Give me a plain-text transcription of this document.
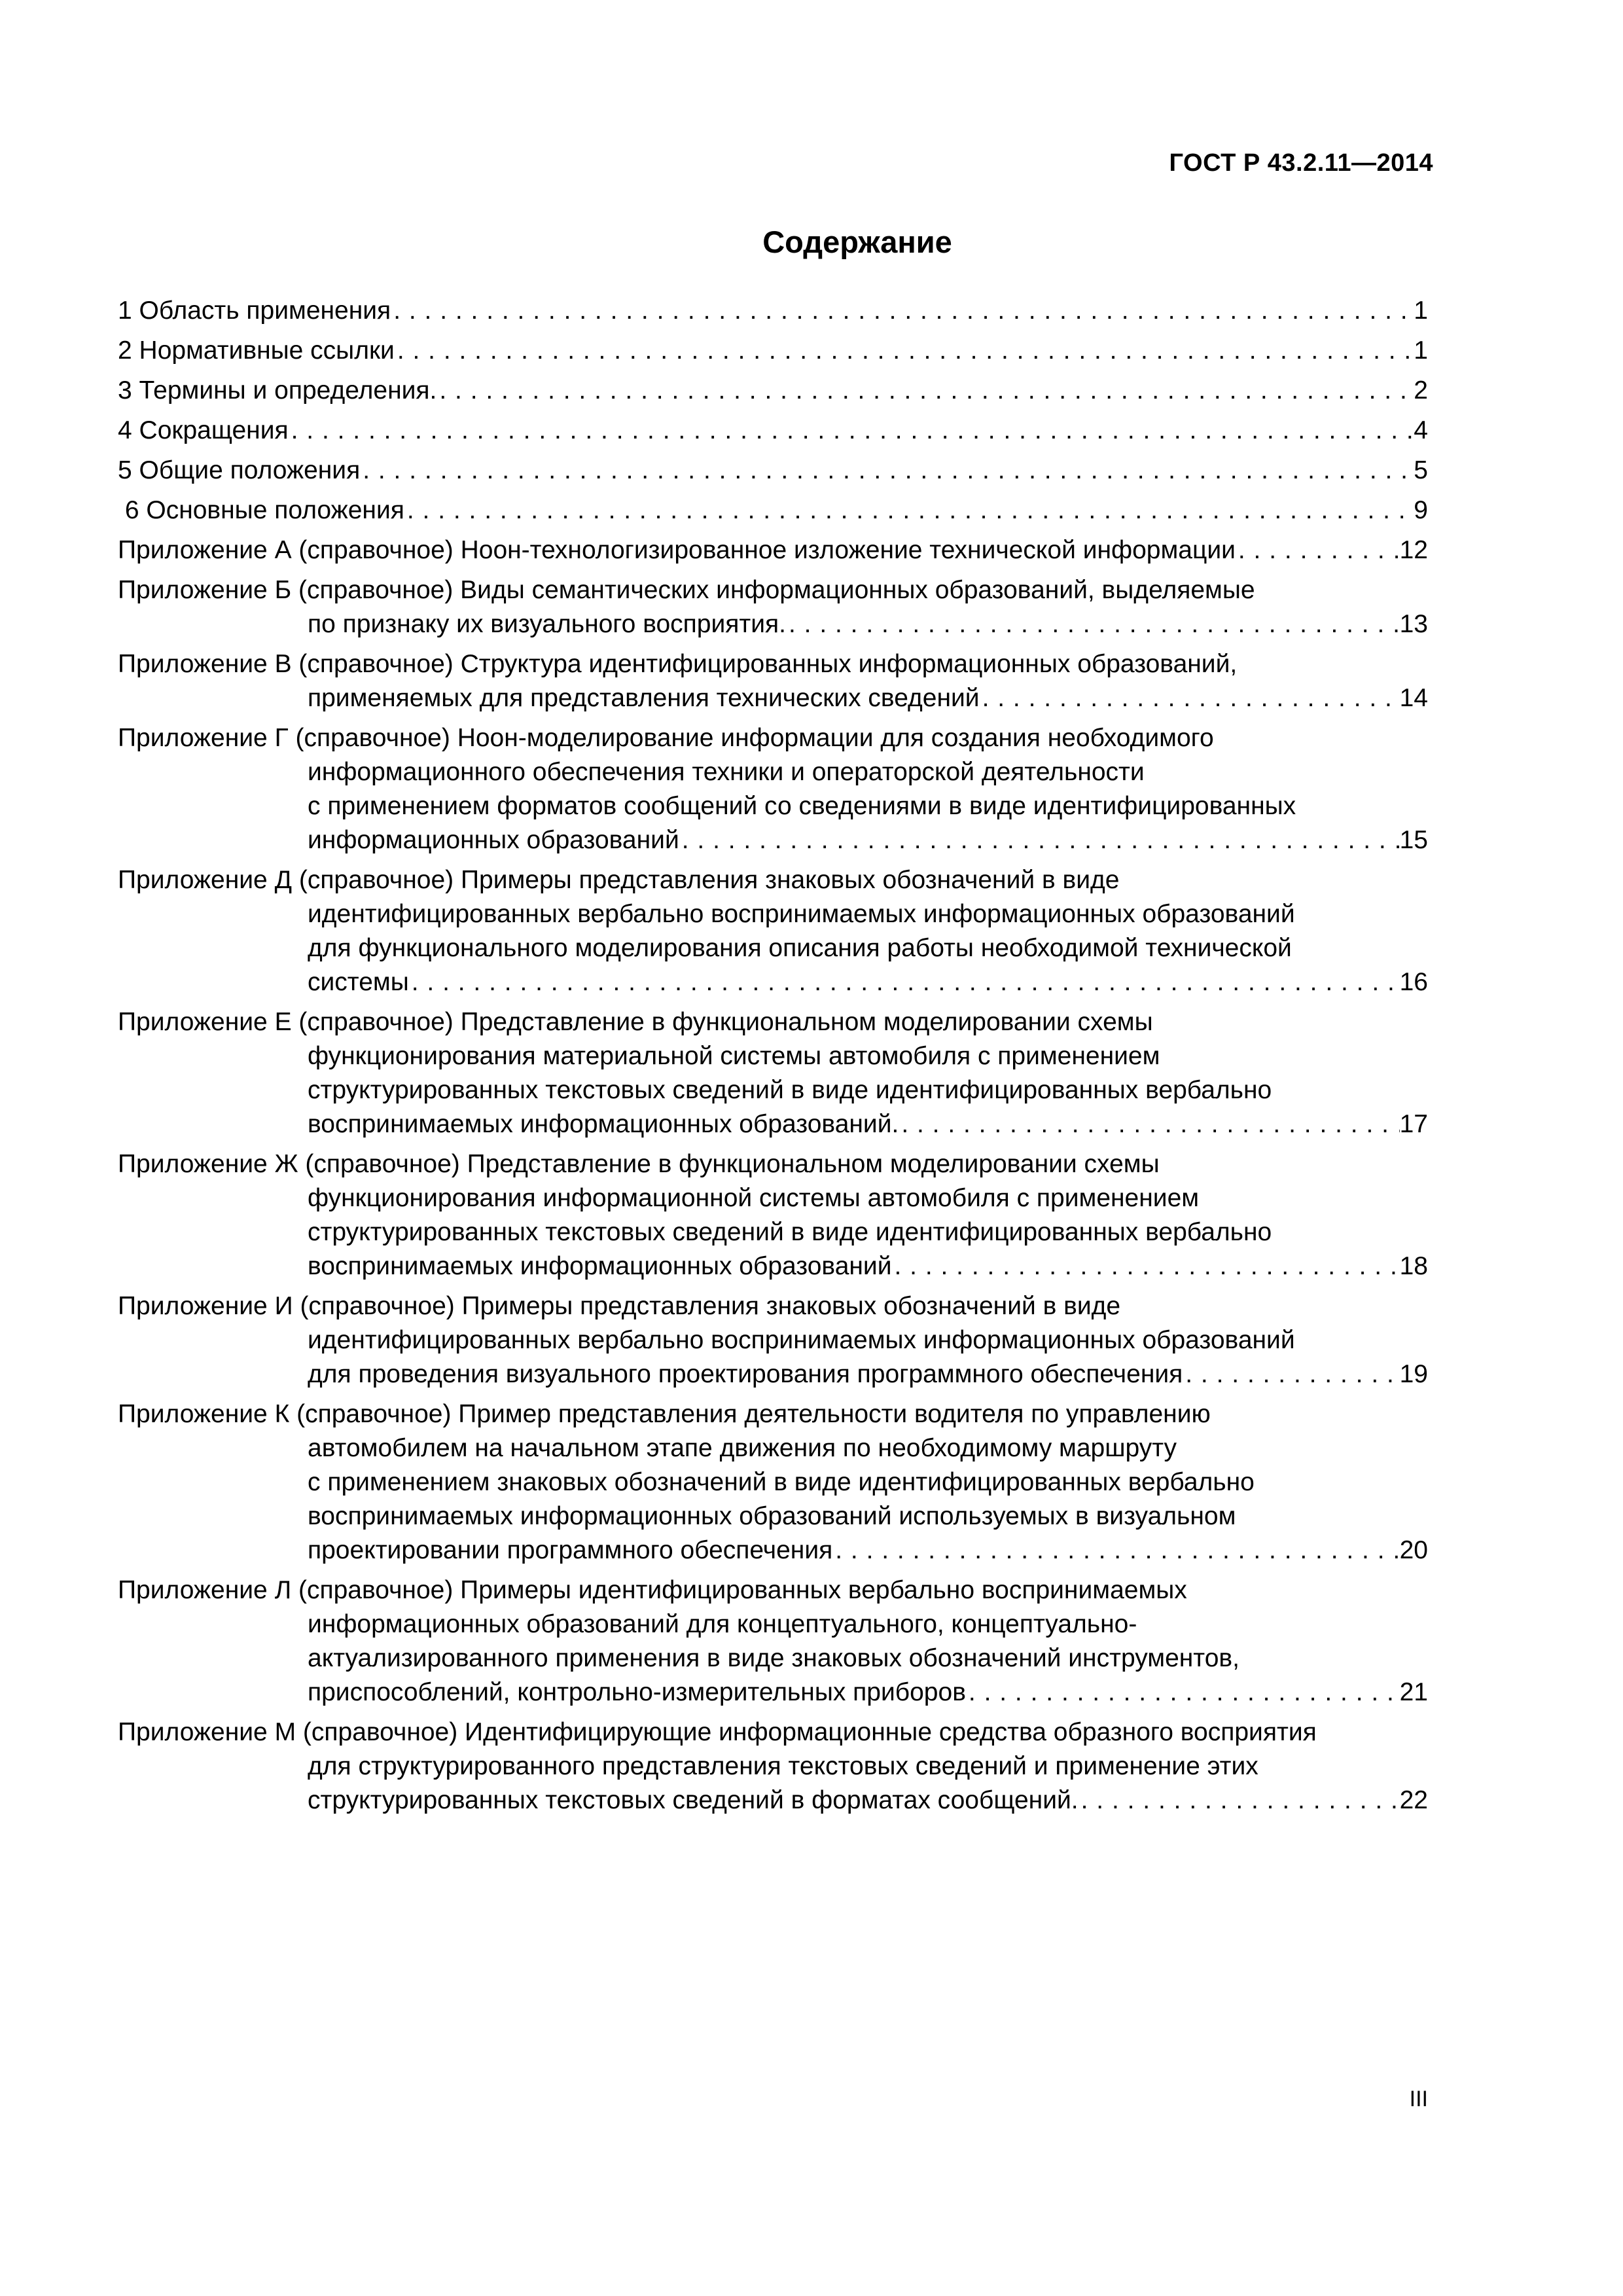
ГОСТ Р 43.2.11—2014
Содержание
1 Область применения . . .	1
2 Нормативные ссылки . . .	1
3 Термины и определения. . . .	2
4 Сокращения . . .	4
5 Общие положения . . .	5
6 Основные положения . . .	9
Приложение А (справочное) Ноон-технологизированное изложение технической информации . . .	12
Приложение Б (справочное) Виды семантических информационных образований, выделяемые
по признаку их визуального восприятия. . . .	13
Приложение В (справочное) Структура идентифицированных информационных образований,
применяемых для представления технических сведений . . .	14
Приложение Г (справочное) Ноон-моделирование информации для создания необходимого
информационного обеспечения техники и операторской деятельности
с применением форматов сообщений со сведениями в виде идентифицированных
информационных образований . . .	15
Приложение Д (справочное) Примеры представления знаковых обозначений в виде
идентифицированных вербально воспринимаемых информационных образований
для функционального моделирования описания работы необходимой технической
системы . . .	16
Приложение Е (справочное) Представление в функциональном моделировании схемы
функционирования материальной системы автомобиля с применением
структурированных текстовых сведений в виде идентифицированных вербально
воспринимаемых информационных образований. . . .	17
Приложение Ж (справочное) Представление в функциональном моделировании схемы
функционирования информационной системы автомобиля с применением
структурированных текстовых сведений в виде идентифицированных вербально
воспринимаемых информационных образований . . .	18
Приложение И (справочное) Примеры представления знаковых обозначений в виде
идентифицированных вербально воспринимаемых информационных образований
для проведения визуального проектирования программного обеспечения . . .	19
Приложение К (справочное) Пример представления деятельности водителя по управлению
автомобилем на начальном этапе движения по необходимому маршруту
с применением знаковых обозначений в виде идентифицированных вербально
воспринимаемых информационных образований используемых в визуальном
проектировании программного обеспечения . . .	20
Приложение Л (справочное) Примеры идентифицированных вербально воспринимаемых
информационных образований для концептуального, концептуально-
актуализированного применения в виде знаковых обозначений инструментов,
приспособлений, контрольно-измерительных приборов . . .	21
Приложение М (справочное) Идентифицирующие информационные средства образного восприятия
для структурированного представления текстовых сведений и применение этих
структурированных текстовых сведений в форматах сообщений. . . .	22
III
